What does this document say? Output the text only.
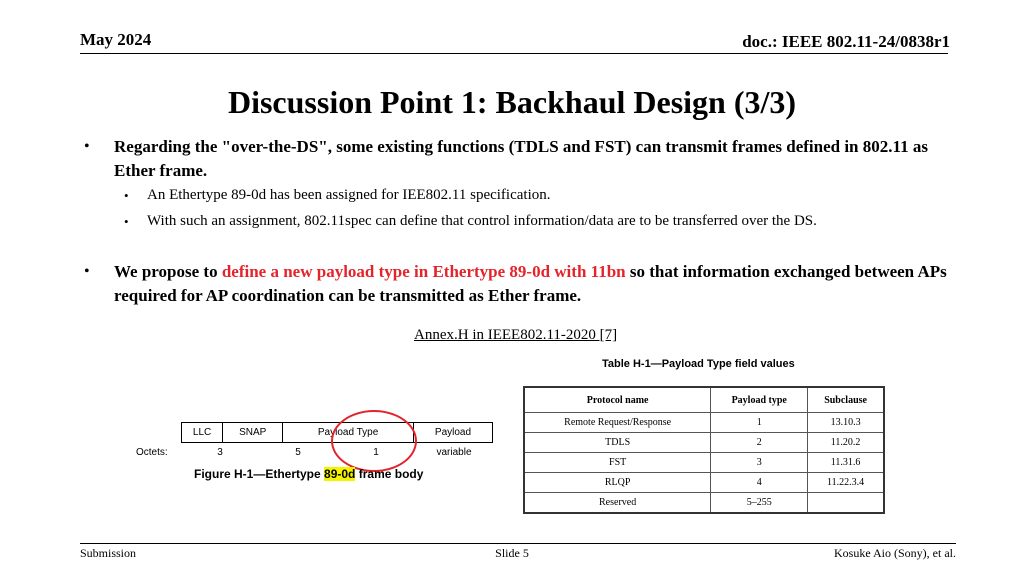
May 2024	doc.: IEEE 802.11-24/0838r1
Discussion Point 1: Backhaul Design (3/3)
• Regarding the "over-the-DS", some existing functions (TDLS and FST) can transmit frames defined in 802.11 as Ether frame.
• An Ethertype 89-0d has been assigned for IEE802.11 specification.
• With such an assignment, 802.11spec can define that control information/data are to be transferred over the DS.
• We propose to define a new payload type in Ethertype 89-0d with 11bn so that information exchanged between APs required for AP coordination can be transmitted as Ether frame.
Annex.H in IEEE802.11-2020 [7]
Table H-1—Payload Type field values
Protocol name	Payload type	Subclause
Remote Request/Response	1	13.10.3
TDLS	2	11.20.2
FST	3	11.31.6
RLQP	4	11.22.3.4
Reserved	5–255	
LLC	SNAP	Payload Type	Payload
Octets:	3	5	1	variable
Figure H-1—Ethertype 89-0d frame body
Submission	Slide 5	Kosuke Aio (Sony), et al.
